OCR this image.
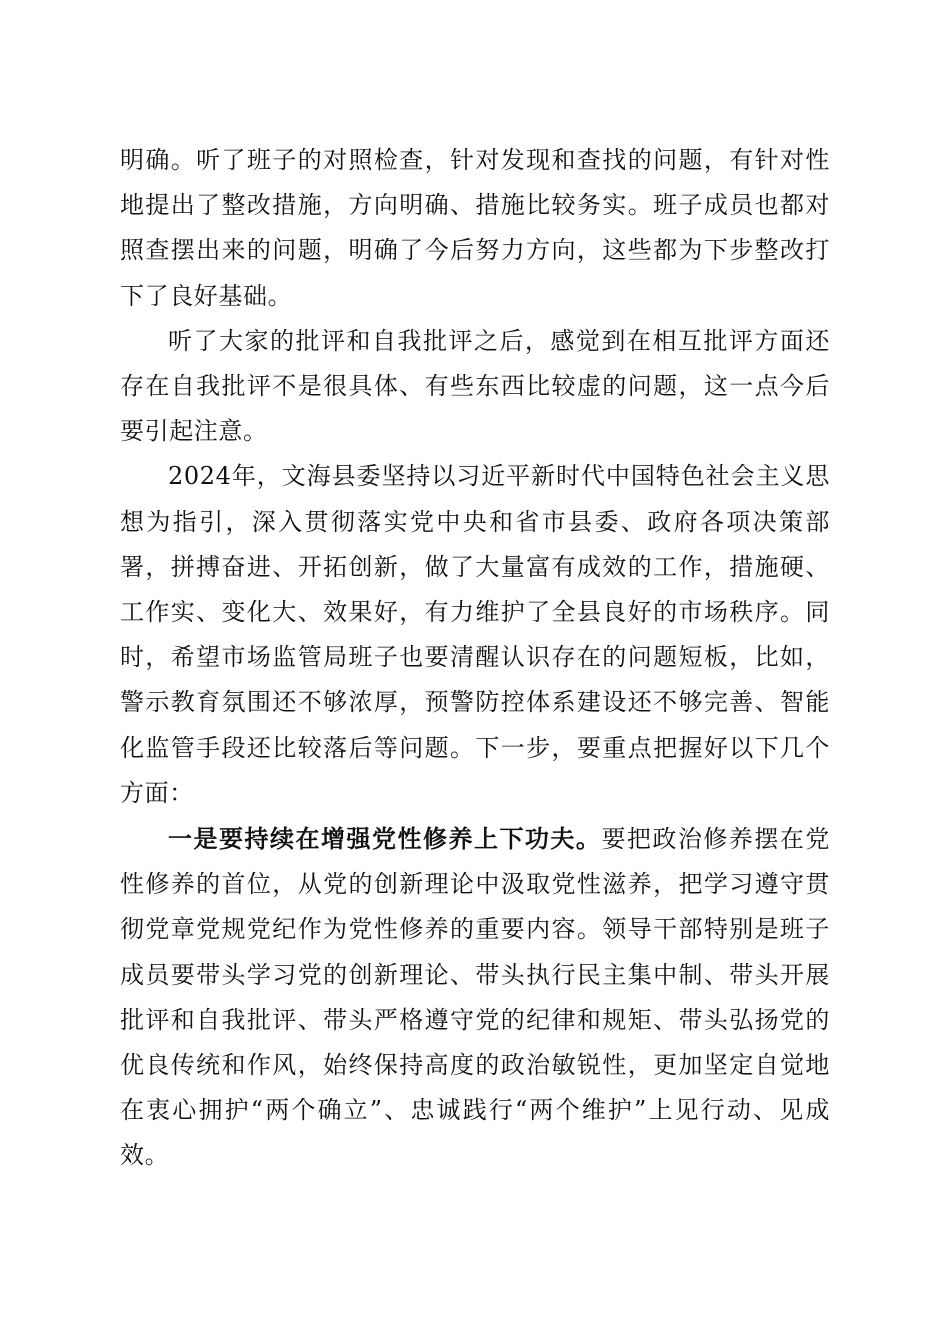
明确。听了班子的对照检查，针对发现和查找的问题，有针对性地提出了整改措施，方向明确、措施比较务实。班子成员也都对照查摆出来的问题，明确了今后努力方向，这些都为下步整改打下了良好基础。

听了大家的批评和自我批评之后，感觉到在相互批评方面还存在自我批评不是很具体、有些东西比较虚的问题，这一点今后要引起注意。

2024年，文海县委坚持以习近平新时代中国特色社会主义思想为指引，深入贯彻落实党中央和省市县委、政府各项决策部署，拼搏奋进、开拓创新，做了大量富有成效的工作，措施硬、工作实、变化大、效果好，有力维护了全县良好的市场秩序。同时，希望市场监管局班子也要清醒认识存在的问题短板，比如，警示教育氛围还不够浓厚，预警防控体系建设还不够完善、智能化监管手段还比较落后等问题。下一步，要重点把握好以下几个方面：

一是要持续在增强党性修养上下功夫。要把政治修养摆在党性修养的首位，从党的创新理论中汲取党性滋养，把学习遵守贯彻党章党规党纪作为党性修养的重要内容。领导干部特别是班子成员要带头学习党的创新理论、带头执行民主集中制、带头开展批评和自我批评、带头严格遵守党的纪律和规矩、带头弘扬党的优良传统和作风，始终保持高度的政治敏锐性，更加坚定自觉地在衷心拥护“两个确立”、忠诚践行“两个维护”上见行动、见成效。
